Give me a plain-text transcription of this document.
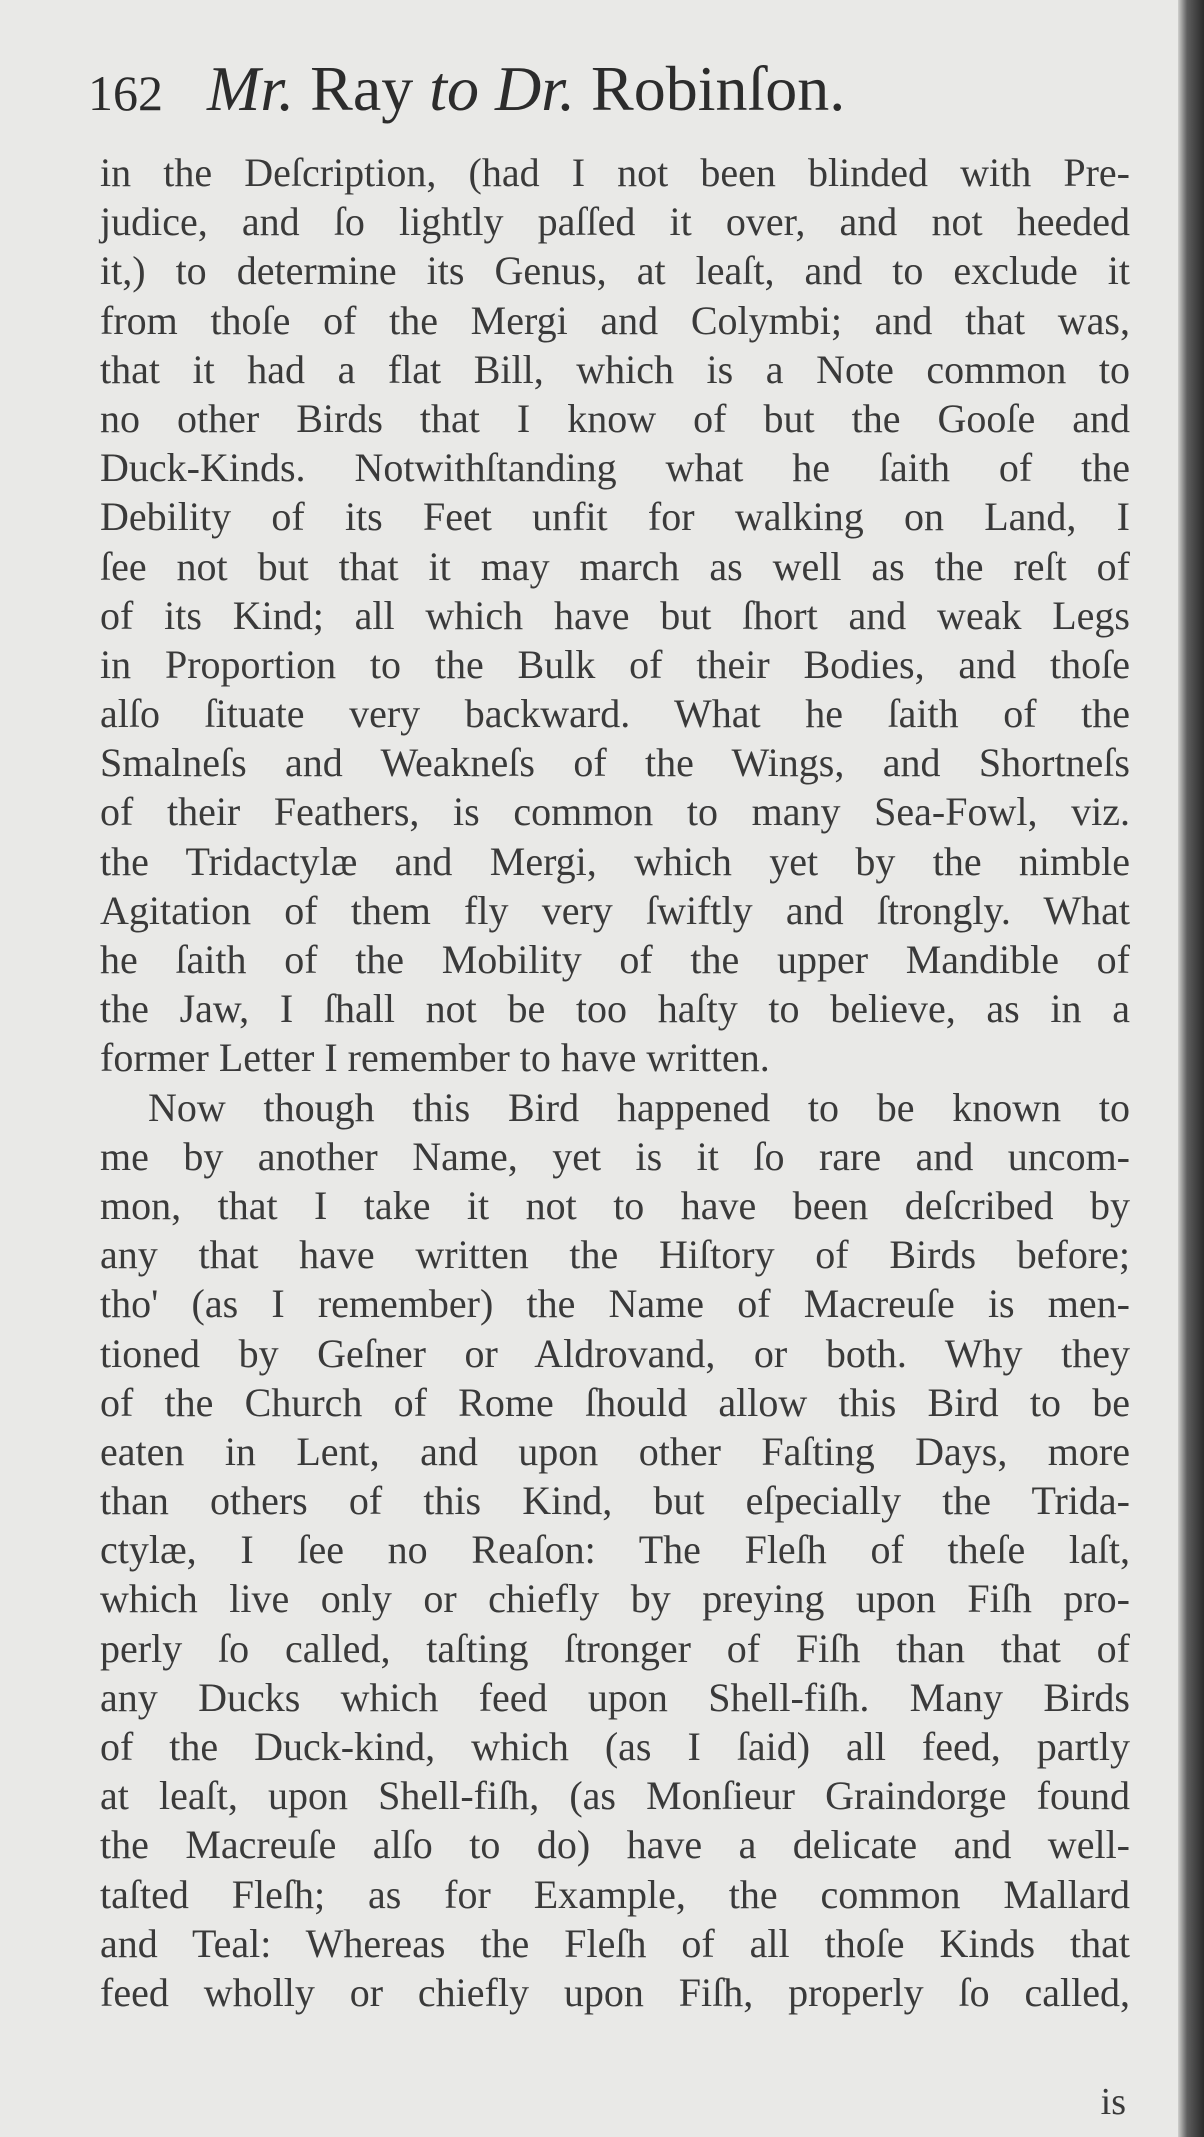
162 Mr. Ray to Dr. Robinſon.
in the Deſcription, (had I not been blinded with Pre-
judice, and ſo lightly paſſed it over, and not heeded
it,) to determine its Genus, at leaſt, and to exclude it
from thoſe of the Mergi and Colymbi; and that was,
that it had a flat Bill, which is a Note common to
no other Birds that I know of but the Gooſe and
Duck-Kinds. Notwithſtanding what he ſaith of the
Debility of its Feet unfit for walking on Land, I
ſee not but that it may march as well as the reſt of
of its Kind; all which have but ſhort and weak Legs
in Proportion to the Bulk of their Bodies, and thoſe
alſo ſituate very backward. What he ſaith of the
Smalneſs and Weakneſs of the Wings, and Shortneſs
of their Feathers, is common to many Sea-Fowl, viz.
the Tridactylæ and Mergi, which yet by the nimble
Agitation of them fly very ſwiftly and ſtrongly. What
he ſaith of the Mobility of the upper Mandible of
the Jaw, I ſhall not be too haſty to believe, as in a
former Letter I remember to have written.
Now though this Bird happened to be known to
me by another Name, yet is it ſo rare and uncom-
mon, that I take it not to have been deſcribed by
any that have written the Hiſtory of Birds before;
tho' (as I remember) the Name of Macreuſe is men-
tioned by Geſner or Aldrovand, or both. Why they
of the Church of Rome ſhould allow this Bird to be
eaten in Lent, and upon other Faſting Days, more
than others of this Kind, but eſpecially the Trida-
ctylæ, I ſee no Reaſon: The Fleſh of theſe laſt,
which live only or chiefly by preying upon Fiſh pro-
perly ſo called, taſting ſtronger of Fiſh than that of
any Ducks which feed upon Shell-fiſh. Many Birds
of the Duck-kind, which (as I ſaid) all feed, partly
at leaſt, upon Shell-fiſh, (as Monſieur Graindorge found
the Macreuſe alſo to do) have a delicate and well-
taſted Fleſh; as for Example, the common Mallard
and Teal: Whereas the Fleſh of all thoſe Kinds that
feed wholly or chiefly upon Fiſh, properly ſo called,
is
